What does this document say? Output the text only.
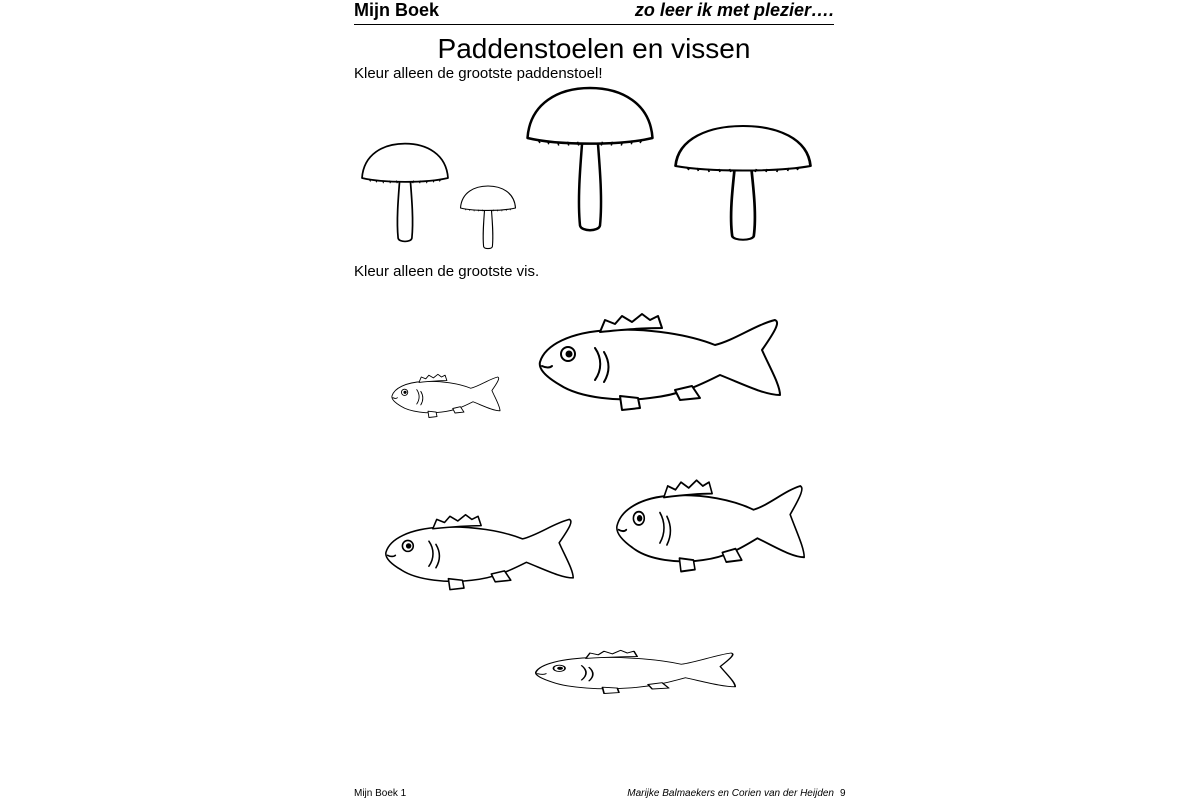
Mijn Boek	zo leer ik met plezier….
Paddenstoelen en vissen
Kleur alleen de grootste paddenstoel!
Kleur alleen de grootste vis.
Mijn Boek 1	Marijke Balmaekers en Corien van der Heijden 9
